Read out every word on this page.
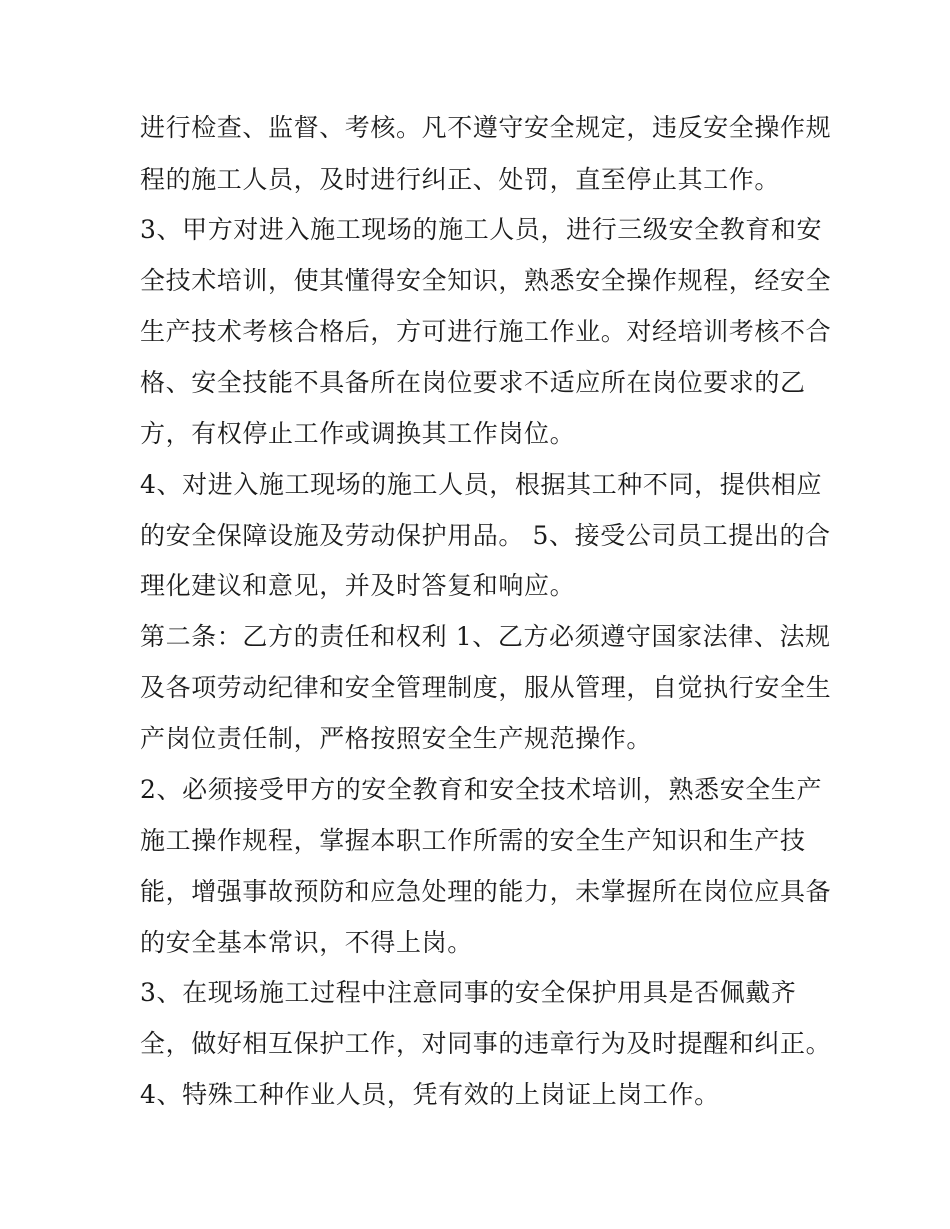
进行检查、监督、考核。凡不遵守安全规定，违反安全操作规

程的施工人员，及时进行纠正、处罚，直至停止其工作。

3、甲方对进入施工现场的施工人员，进行三级安全教育和安

全技术培训，使其懂得安全知识，熟悉安全操作规程，经安全

生产技术考核合格后，方可进行施工作业。对经培训考核不合

格、安全技能不具备所在岗位要求不适应所在岗位要求的乙

方，有权停止工作或调换其工作岗位。

4、对进入施工现场的施工人员，根据其工种不同，提供相应

的安全保障设施及劳动保护用品。 5、接受公司员工提出的合

理化建议和意见，并及时答复和响应。

第二条：乙方的责任和权利 1、乙方必须遵守国家法律、法规

及各项劳动纪律和安全管理制度，服从管理，自觉执行安全生

产岗位责任制，严格按照安全生产规范操作。

2、必须接受甲方的安全教育和安全技术培训，熟悉安全生产

施工操作规程，掌握本职工作所需的安全生产知识和生产技

能，增强事故预防和应急处理的能力，未掌握所在岗位应具备

的安全基本常识，不得上岗。

3、在现场施工过程中注意同事的安全保护用具是否佩戴齐

全，做好相互保护工作，对同事的违章行为及时提醒和纠正。

4、特殊工种作业人员，凭有效的上岗证上岗工作。
